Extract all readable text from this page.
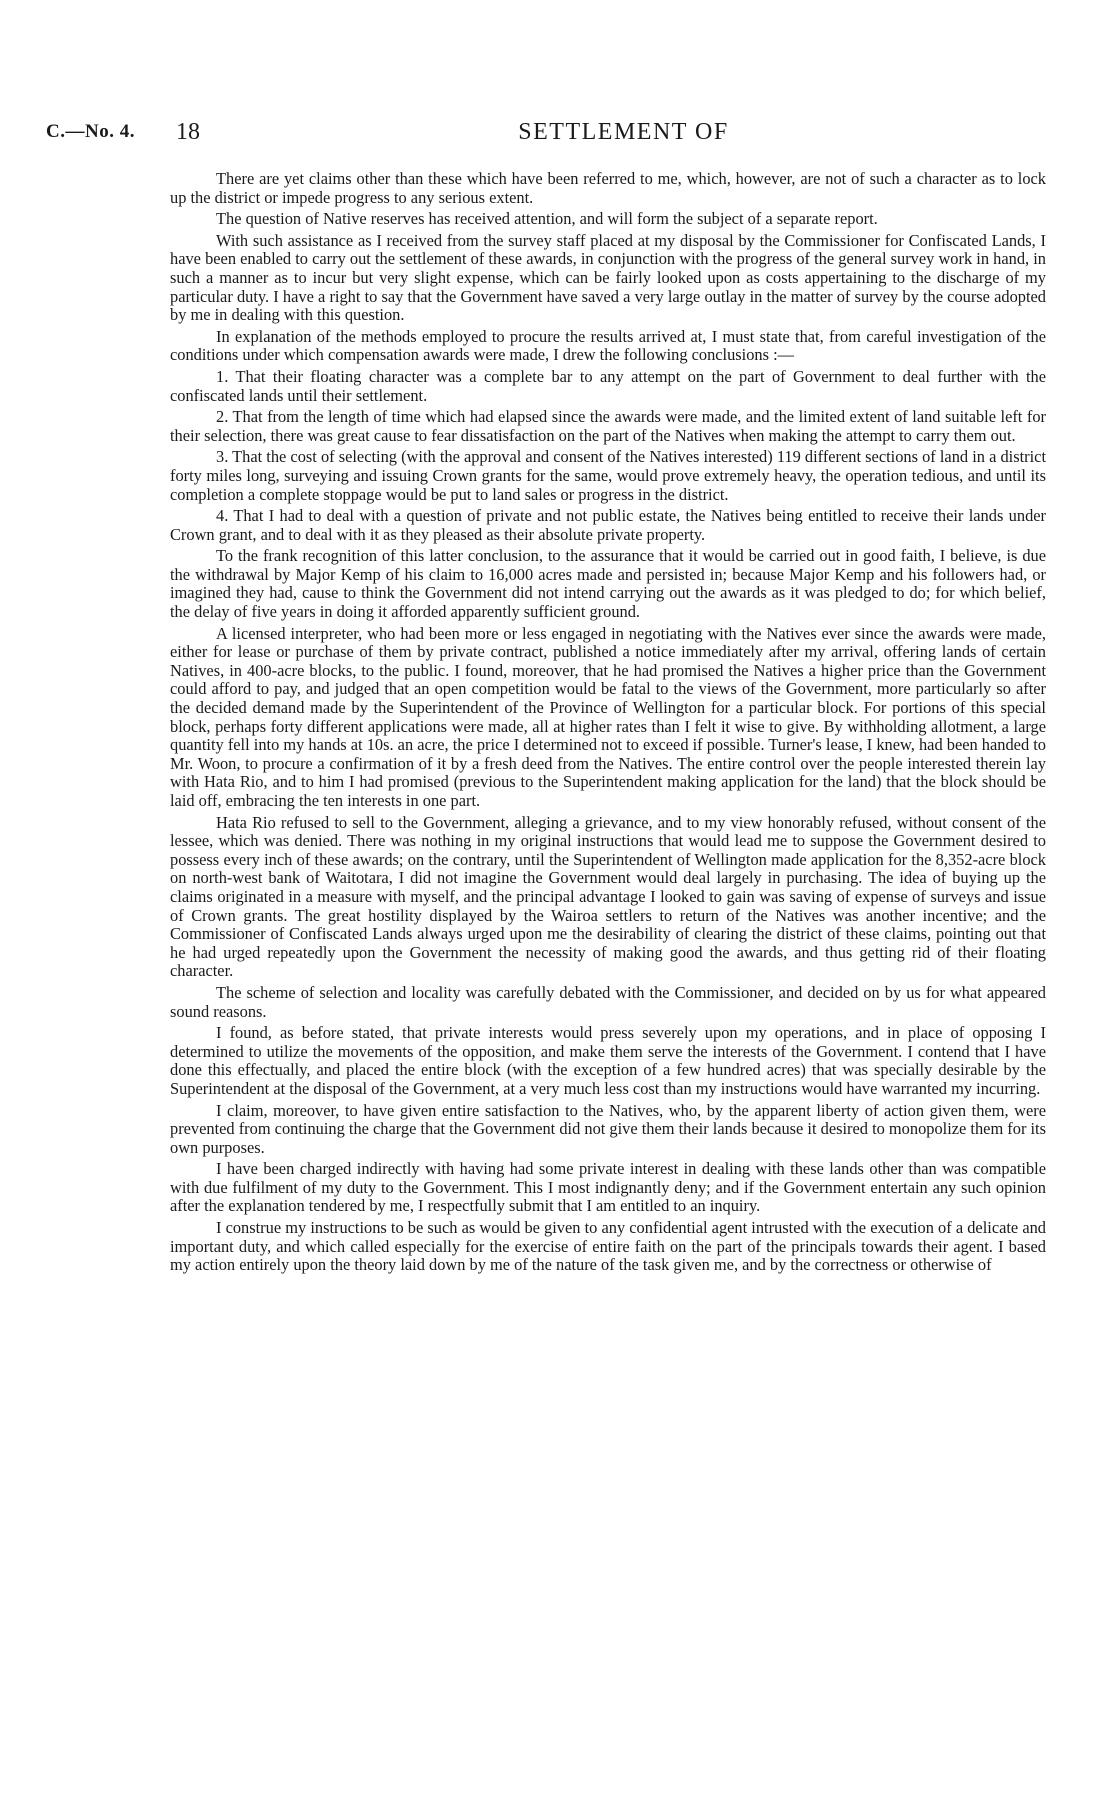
C.—No. 4. 18	SETTLEMENT OF

There are yet claims other than these which have been referred to me, which, however, are not of such a character as to lock up the district or impede progress to any serious extent.

The question of Native reserves has received attention, and will form the subject of a separate report.

With such assistance as I received from the survey staff placed at my disposal by the Commissioner for Confiscated Lands, I have been enabled to carry out the settlement of these awards, in conjunction with the progress of the general survey work in hand, in such a manner as to incur but very slight expense, which can be fairly looked upon as costs appertaining to the discharge of my particular duty. I have a right to say that the Government have saved a very large outlay in the matter of survey by the course adopted by me in dealing with this question.

In explanation of the methods employed to procure the results arrived at, I must state that, from careful investigation of the conditions under which compensation awards were made, I drew the following conclusions :—

1. That their floating character was a complete bar to any attempt on the part of Government to deal further with the confiscated lands until their settlement.

2. That from the length of time which had elapsed since the awards were made, and the limited extent of land suitable left for their selection, there was great cause to fear dissatisfaction on the part of the Natives when making the attempt to carry them out.

3. That the cost of selecting (with the approval and consent of the Natives interested) 119 different sections of land in a district forty miles long, surveying and issuing Crown grants for the same, would prove extremely heavy, the operation tedious, and until its completion a complete stoppage would be put to land sales or progress in the district.

4. That I had to deal with a question of private and not public estate, the Natives being entitled to receive their lands under Crown grant, and to deal with it as they pleased as their absolute private property.

To the frank recognition of this latter conclusion, to the assurance that it would be carried out in good faith, I believe, is due the withdrawal by Major Kemp of his claim to 16,000 acres made and persisted in; because Major Kemp and his followers had, or imagined they had, cause to think the Government did not intend carrying out the awards as it was pledged to do; for which belief, the delay of five years in doing it afforded apparently sufficient ground.

A licensed interpreter, who had been more or less engaged in negotiating with the Natives ever since the awards were made, either for lease or purchase of them by private contract, published a notice immediately after my arrival, offering lands of certain Natives, in 400-acre blocks, to the public. I found, moreover, that he had promised the Natives a higher price than the Government could afford to pay, and judged that an open competition would be fatal to the views of the Government, more particularly so after the decided demand made by the Superintendent of the Province of Wellington for a particular block. For portions of this special block, perhaps forty different applications were made, all at higher rates than I felt it wise to give. By withholding allotment, a large quantity fell into my hands at 10s. an acre, the price I determined not to exceed if possible. Turner's lease, I knew, had been handed to Mr. Woon, to procure a confirmation of it by a fresh deed from the Natives. The entire control over the people interested therein lay with Hata Rio, and to him I had promised (previous to the Superintendent making application for the land) that the block should be laid off, embracing the ten interests in one part.

Hata Rio refused to sell to the Government, alleging a grievance, and to my view honorably refused, without consent of the lessee, which was denied. There was nothing in my original instructions that would lead me to suppose the Government desired to possess every inch of these awards; on the contrary, until the Superintendent of Wellington made application for the 8,352-acre block on north-west bank of Waitotara, I did not imagine the Government would deal largely in purchasing. The idea of buying up the claims originated in a measure with myself, and the principal advantage I looked to gain was saving of expense of surveys and issue of Crown grants. The great hostility displayed by the Wairoa settlers to return of the Natives was another incentive; and the Commissioner of Confiscated Lands always urged upon me the desirability of clearing the district of these claims, pointing out that he had urged repeatedly upon the Government the necessity of making good the awards, and thus getting rid of their floating character.

The scheme of selection and locality was carefully debated with the Commissioner, and decided on by us for what appeared sound reasons.

I found, as before stated, that private interests would press severely upon my operations, and in place of opposing I determined to utilize the movements of the opposition, and make them serve the interests of the Government. I contend that I have done this effectually, and placed the entire block (with the exception of a few hundred acres) that was specially desirable by the Superintendent at the disposal of the Government, at a very much less cost than my instructions would have warranted my incurring.

I claim, moreover, to have given entire satisfaction to the Natives, who, by the apparent liberty of action given them, were prevented from continuing the charge that the Government did not give them their lands because it desired to monopolize them for its own purposes.

I have been charged indirectly with having had some private interest in dealing with these lands other than was compatible with due fulfilment of my duty to the Government. This I most indignantly deny; and if the Government entertain any such opinion after the explanation tendered by me, I respectfully submit that I am entitled to an inquiry.

I construe my instructions to be such as would be given to any confidential agent intrusted with the execution of a delicate and important duty, and which called especially for the exercise of entire faith on the part of the principals towards their agent. I based my action entirely upon the theory laid down by me of the nature of the task given me, and by the correctness or otherwise of
